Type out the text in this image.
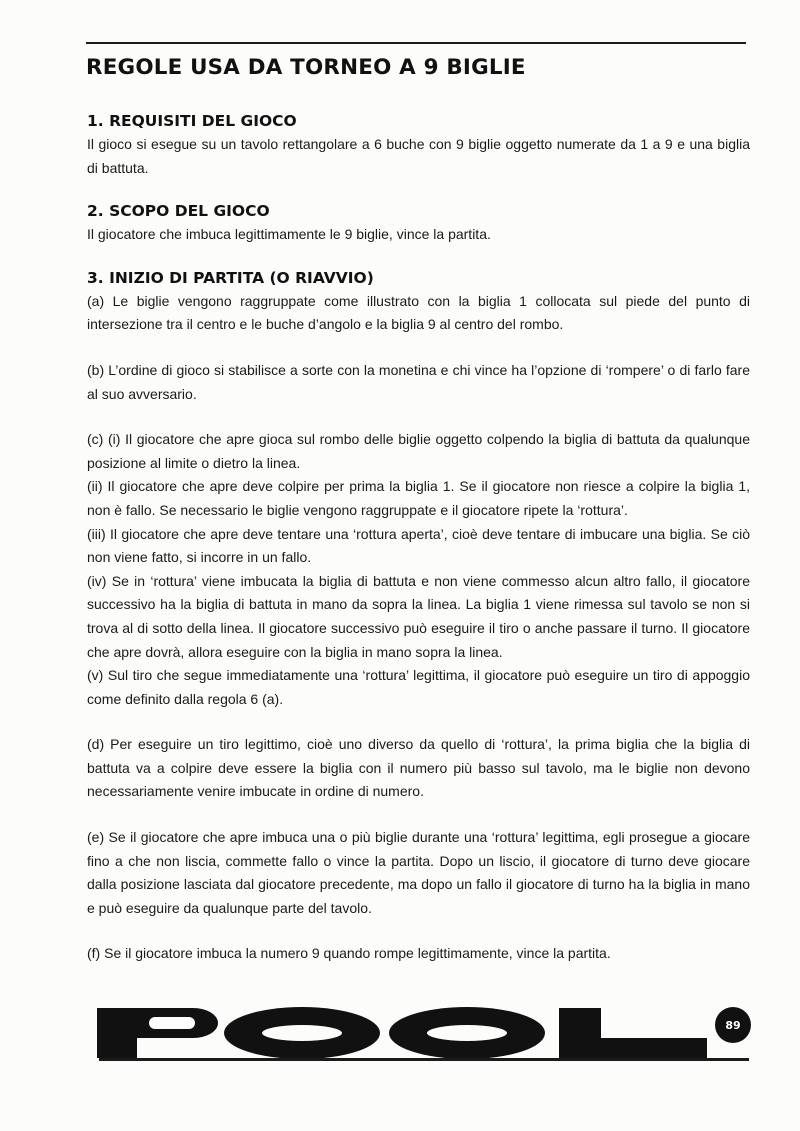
REGOLE USA DA TORNEO A 9 BIGLIE
1. REQUISITI DEL GIOCO

Il gioco si esegue su un tavolo rettangolare a 6 buche con 9 biglie oggetto numerate da 1 a 9 e una biglia di battuta.

2. SCOPO DEL GIOCO

Il giocatore che imbuca legittimamente le 9 biglie, vince la partita.

3. INIZIO DI PARTITA (O RIAVVIO)

(a) Le biglie vengono raggruppate come illustrato con la biglia 1 collocata sul piede del punto di intersezione tra il centro e le buche d’angolo e la biglia 9 al centro del rombo.

(b) L’ordine di gioco si stabilisce a sorte con la monetina e chi vince ha l’opzione di ‘rompere’ o di farlo fare al suo avversario.

(c) (i) Il giocatore che apre gioca sul rombo delle biglie oggetto colpendo la biglia di battuta da qualunque posizione al limite o dietro la linea.

(ii) Il giocatore che apre deve colpire per prima la biglia 1. Se il giocatore non riesce a colpire la biglia 1, non è fallo. Se necessario le biglie vengono raggruppate e il giocatore ripete la ‘rottura’.

(iii) Il giocatore che apre deve tentare una ‘rottura aperta’, cioè deve tentare di imbucare una biglia. Se ciò non viene fatto, si incorre in un fallo.

(iv) Se in ‘rottura’ viene imbucata la biglia di battuta e non viene commesso alcun altro fallo, il giocatore successivo ha la biglia di battuta in mano da sopra la linea. La biglia 1 viene rimessa sul tavolo se non si trova al di sotto della linea. Il giocatore successivo può eseguire il tiro o anche passare il turno. Il giocatore che apre dovrà, allora eseguire con la biglia in mano sopra la linea.

(v) Sul tiro che segue immediatamente una ‘rottura’ legittima, il giocatore può eseguire un tiro di appoggio come definito dalla regola 6 (a).

(d) Per eseguire un tiro legittimo, cioè uno diverso da quello di ‘rottura’, la prima biglia che la biglia di battuta va a colpire deve essere la biglia con il numero più basso sul tavolo, ma le biglie non devono necessariamente venire imbucate in ordine di numero.

(e) Se il giocatore che apre imbuca una o più biglie durante una ‘rottura’ legittima, egli prosegue a giocare fino a che non liscia, commette fallo o vince la partita. Dopo un liscio, il giocatore di turno deve giocare dalla posizione lasciata dal giocatore precedente, ma dopo un fallo il giocatore di turno ha la biglia in mano e può eseguire da qualunque parte del tavolo.

(f) Se il giocatore imbuca la numero 9 quando rompe legittimamente, vince la partita.

POOL
89
